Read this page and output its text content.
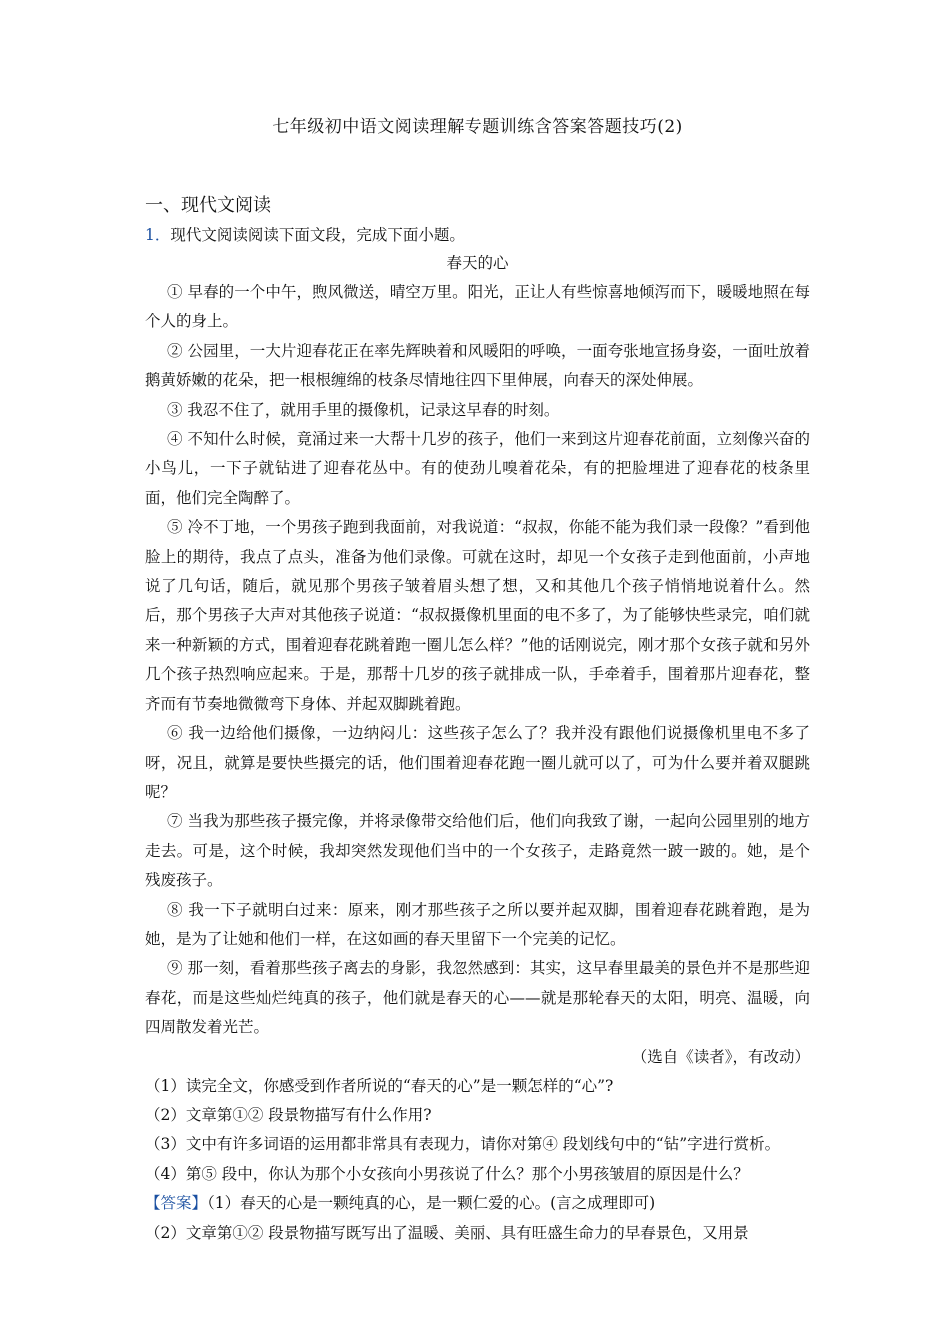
七年级初中语文阅读理解专题训练含答案答题技巧(2)
一、现代文阅读

1．现代文阅读阅读下面文段，完成下面小题。

春天的心

① 早春的一个中午，煦风微送，晴空万里。阳光，正让人有些惊喜地倾泻而下，暖暖地照在每个人的身上。

② 公园里，一大片迎春花正在率先辉映着和风暖阳的呼唤，一面夸张地宣扬身姿，一面吐放着鹅黄娇嫩的花朵，把一根根缠绵的枝条尽情地往四下里伸展，向春天的深处伸展。

③ 我忍不住了，就用手里的摄像机，记录这早春的时刻。

④ 不知什么时候，竟涌过来一大帮十几岁的孩子，他们一来到这片迎春花前面，立刻像兴奋的小鸟儿，一下子就钻进了迎春花丛中。有的使劲儿嗅着花朵，有的把脸埋进了迎春花的枝条里面，他们完全陶醉了。

⑤ 冷不丁地，一个男孩子跑到我面前，对我说道：“叔叔，你能不能为我们录一段像？”看到他脸上的期待，我点了点头，准备为他们录像。可就在这时，却见一个女孩子走到他面前，小声地说了几句话，随后，就见那个男孩子皱着眉头想了想，又和其他几个孩子悄悄地说着什么。然后，那个男孩子大声对其他孩子说道：“叔叔摄像机里面的电不多了，为了能够快些录完，咱们就来一种新颖的方式，围着迎春花跳着跑一圈儿怎么样？”他的话刚说完，刚才那个女孩子就和另外几个孩子热烈响应起来。于是，那帮十几岁的孩子就排成一队，手牵着手，围着那片迎春花，整齐而有节奏地微微弯下身体、并起双脚跳着跑。

⑥ 我一边给他们摄像，一边纳闷儿：这些孩子怎么了？我并没有跟他们说摄像机里电不多了呀，况且，就算是要快些摄完的话，他们围着迎春花跑一圈儿就可以了，可为什么要并着双腿跳呢？

⑦ 当我为那些孩子摄完像，并将录像带交给他们后，他们向我致了谢，一起向公园里别的地方走去。可是，这个时候，我却突然发现他们当中的一个女孩子，走路竟然一跛一跛的。她，是个残废孩子。

⑧ 我一下子就明白过来：原来，刚才那些孩子之所以要并起双脚，围着迎春花跳着跑，是为她，是为了让她和他们一样，在这如画的春天里留下一个完美的记忆。

⑨ 那一刻，看着那些孩子离去的身影，我忽然感到：其实，这早春里最美的景色并不是那些迎春花，而是这些灿烂纯真的孩子，他们就是春天的心——就是那轮春天的太阳，明亮、温暖，向四周散发着光芒。

（选自《读者》，有改动）

（1）读完全文，你感受到作者所说的“春天的心”是一颗怎样的“心”?

（2）文章第①② 段景物描写有什么作用?

（3）文中有许多词语的运用都非常具有表现力，请你对第④ 段划线句中的“钻”字进行赏析。

（4）第⑤ 段中，你认为那个小女孩向小男孩说了什么？那个小男孩皱眉的原因是什么？

【答案】（1）春天的心是一颗纯真的心，是一颗仁爱的心。(言之成理即可)

（2）文章第①② 段景物描写既写出了温暖、美丽、具有旺盛生命力的早春景色，又用景
